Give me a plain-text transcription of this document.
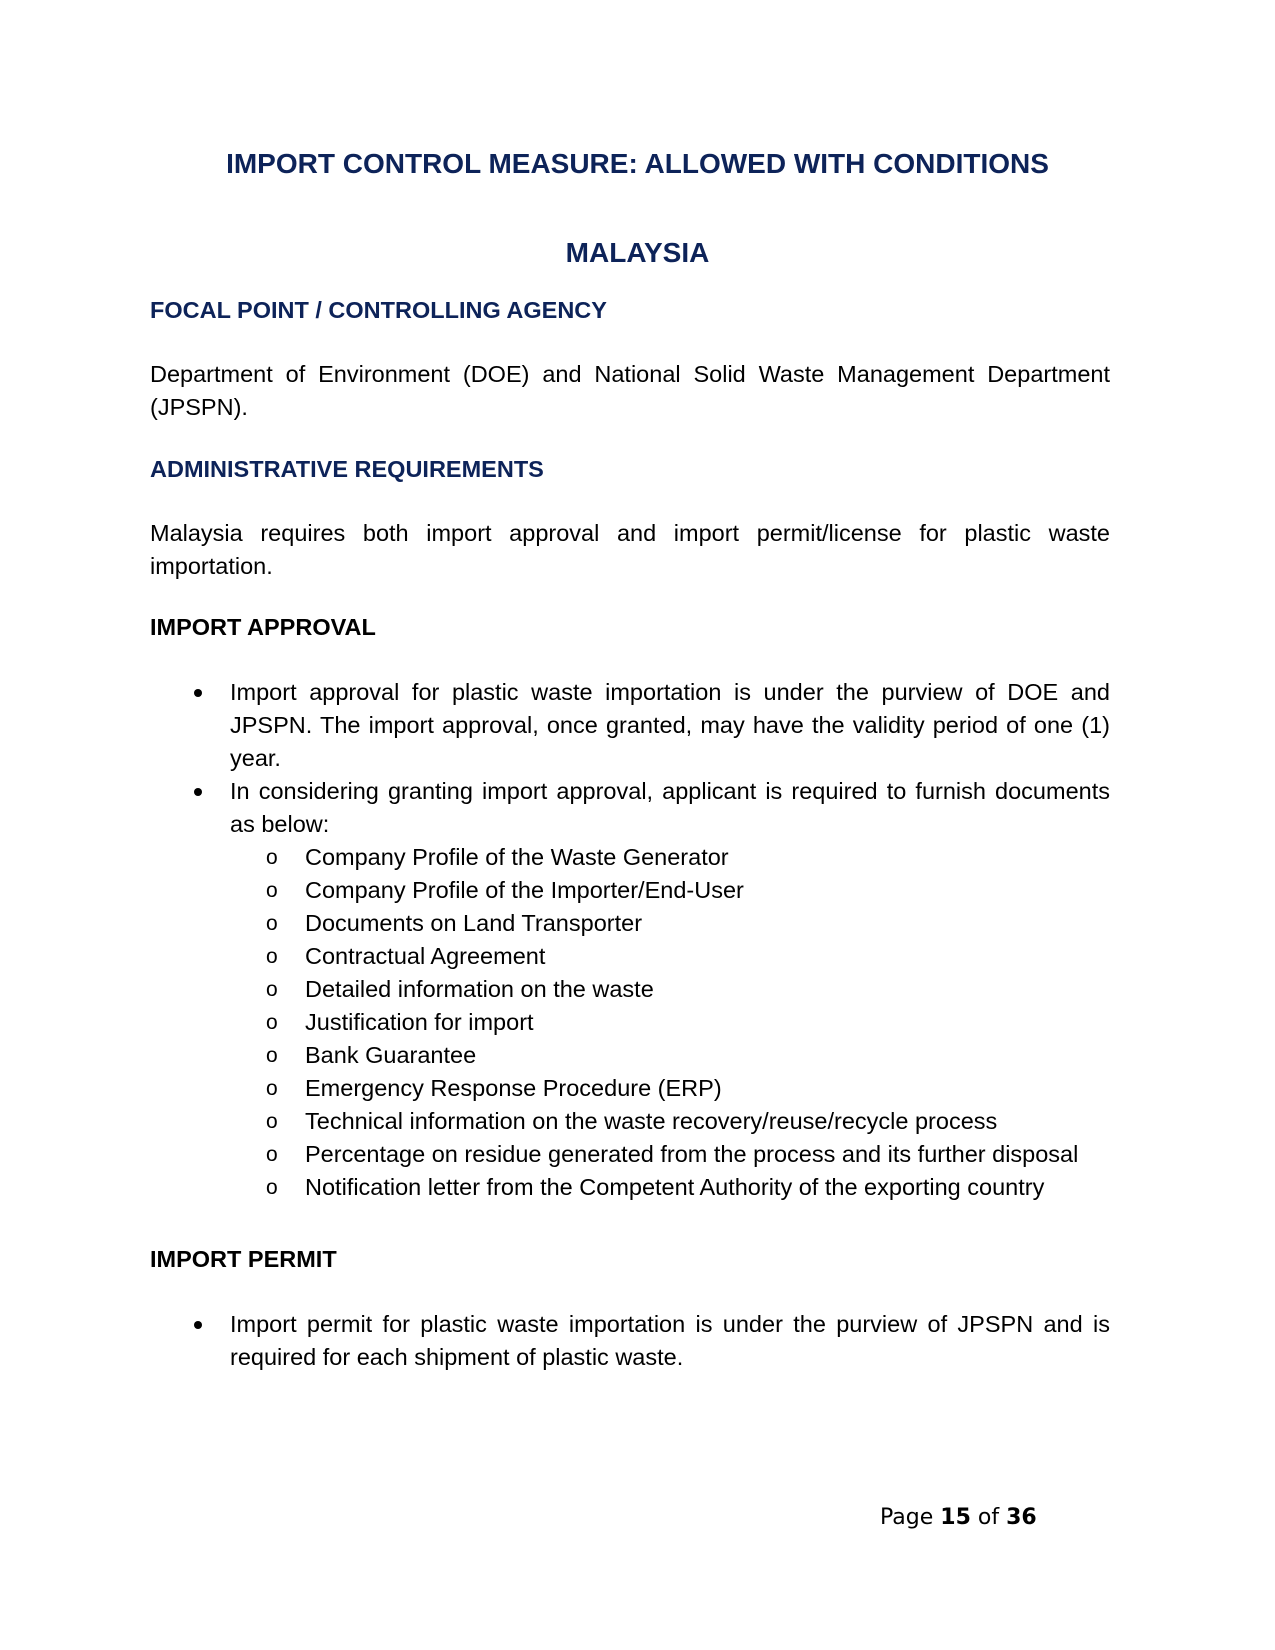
IMPORT CONTROL MEASURE: ALLOWED WITH CONDITIONS
MALAYSIA
FOCAL POINT / CONTROLLING AGENCY

Department of Environment (DOE) and National Solid Waste Management Department (JPSPN).

ADMINISTRATIVE REQUIREMENTS

Malaysia requires both import approval and import permit/license for plastic waste importation.

IMPORT APPROVAL
Import approval for plastic waste importation is under the purview of DOE and JPSPN. The import approval, once granted, may have the validity period of one (1) year.
In considering granting import approval, applicant is required to furnish documents as below:
o Company Profile of the Waste Generator
o Company Profile of the Importer/End-User
o Documents on Land Transporter
o Contractual Agreement
o Detailed information on the waste
o Justification for import
o Bank Guarantee
o Emergency Response Procedure (ERP)
o Technical information on the waste recovery/reuse/recycle process
o Percentage on residue generated from the process and its further disposal
o Notification letter from the Competent Authority of the exporting country
IMPORT PERMIT
Import permit for plastic waste importation is under the purview of JPSPN and is required for each shipment of plastic waste.
Page 15 of 36
